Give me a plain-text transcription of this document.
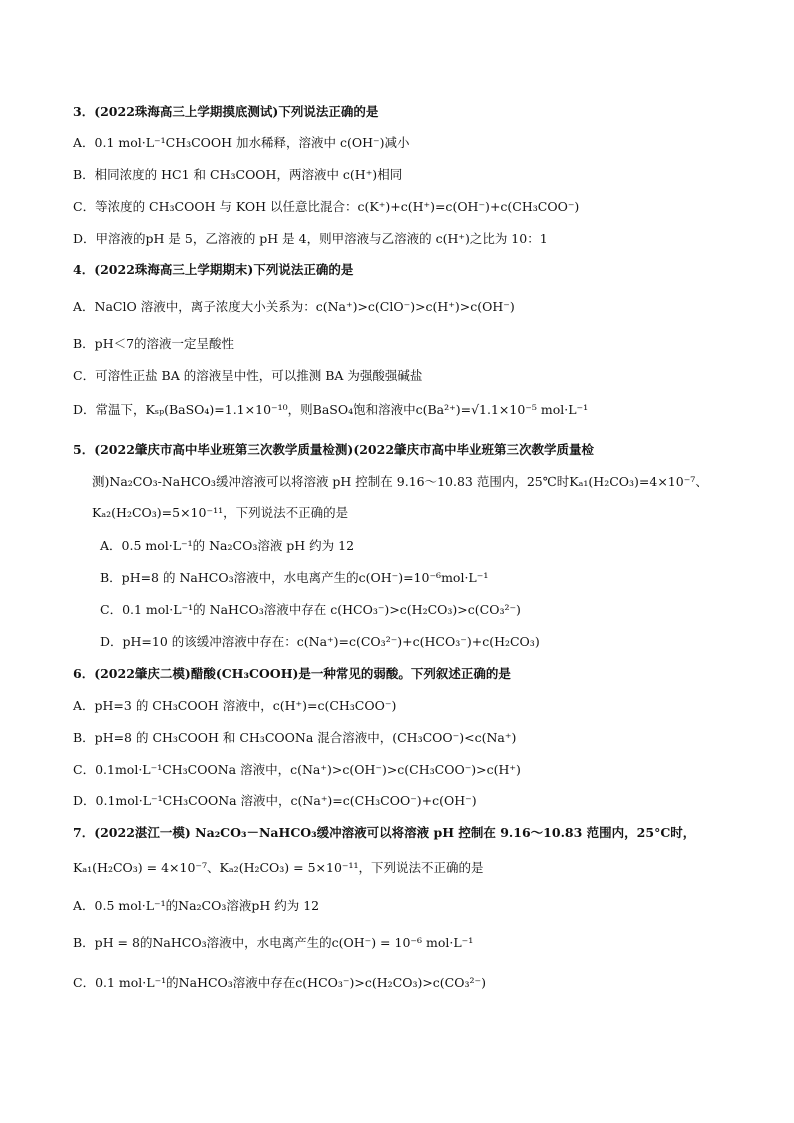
3．(2022珠海高三上学期摸底测试)下列说法正确的是
A．0.1 mol·L⁻¹CH₃COOH 加水稀释，溶液中 c(OH⁻)减小
B．相同浓度的 HC1 和 CH₃COOH，两溶液中 c(H⁺)相同
C．等浓度的 CH₃COOH 与 KOH 以任意比混合：c(K⁺)+c(H⁺)=c(OH⁻)+c(CH₃COO⁻)
D．甲溶液的pH 是 5，乙溶液的 pH 是 4，则甲溶液与乙溶液的 c(H⁺)之比为 10：1
4．(2022珠海高三上学期期末)下列说法正确的是
A．NaClO 溶液中，离子浓度大小关系为：c(Na⁺)>c(ClO⁻)>c(H⁺)>c(OH⁻)
B．pH＜7的溶液一定呈酸性
C．可溶性正盐 BA 的溶液呈中性，可以推测 BA 为强酸强碱盐
D．常温下，Kₛₚ(BaSO₄)=1.1×10⁻¹⁰，则BaSO₄饱和溶液中c(Ba²⁺)=√1.1×10⁻⁵ mol·L⁻¹
5．(2022肇庆市高中毕业班第三次教学质量检测)(2022肇庆市高中毕业班第三次教学质量检
测)Na₂CO₃-NaHCO₃缓冲溶液可以将溶液 pH 控制在 9.16～10.83 范围内，25℃时Kₐ₁(H₂CO₃)=4×10⁻⁷、
Kₐ₂(H₂CO₃)=5×10⁻¹¹，下列说法不正确的是
A．0.5 mol·L⁻¹的 Na₂CO₃溶液 pH 约为 12
B．pH=8 的 NaHCO₃溶液中，水电离产生的c(OH⁻)=10⁻⁶mol·L⁻¹
C．0.1 mol·L⁻¹的 NaHCO₃溶液中存在 c(HCO₃⁻)>c(H₂CO₃)>c(CO₃²⁻)
D．pH=10 的该缓冲溶液中存在：c(Na⁺)=c(CO₃²⁻)+c(HCO₃⁻)+c(H₂CO₃)
6．(2022肇庆二模)醋酸(CH₃COOH)是一种常见的弱酸。下列叙述正确的是
A．pH=3 的 CH₃COOH 溶液中，c(H⁺)=c(CH₃COO⁻)
B．pH=8 的 CH₃COOH 和 CH₃COONa 混合溶液中，(CH₃COO⁻)<c(Na⁺)
C．0.1mol·L⁻¹CH₃COONa 溶液中，c(Na⁺)>c(OH⁻)>c(CH₃COO⁻)>c(H⁺)
D．0.1mol·L⁻¹CH₃COONa 溶液中，c(Na⁺)=c(CH₃COO⁻)+c(OH⁻)
7．(2022湛江一模) Na₂CO₃－NaHCO₃缓冲溶液可以将溶液 pH 控制在 9.16～10.83 范围内，25°C时，
Kₐ₁(H₂CO₃) = 4×10⁻⁷、Kₐ₂(H₂CO₃) = 5×10⁻¹¹，下列说法不正确的是
A．0.5 mol·L⁻¹的Na₂CO₃溶液pH 约为 12
B．pH = 8的NaHCO₃溶液中，水电离产生的c(OH⁻) = 10⁻⁶ mol·L⁻¹
C．0.1 mol·L⁻¹的NaHCO₃溶液中存在c(HCO₃⁻)>c(H₂CO₃)>c(CO₃²⁻)
